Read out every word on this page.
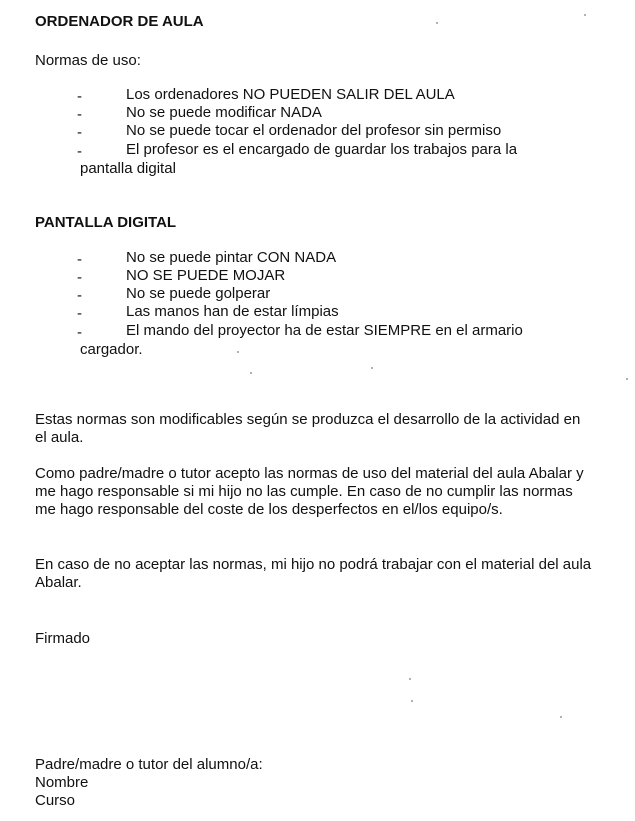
ORDENADOR DE AULA
Normas de uso:
-	Los ordenadores NO PUEDEN SALIR DEL AULA
-	No se puede modificar NADA
-	No se puede tocar el ordenador del profesor sin permiso
-	El profesor es el encargado de guardar los trabajos para la
pantalla digital
PANTALLA DIGITAL
-	No se puede pintar CON NADA
-	NO SE PUEDE MOJAR
-	No se puede golperar
-	Las manos han de estar límpias
-	El mando del proyector ha de estar SIEMPRE en el armario
cargador.
Estas normas son modificables según se produzca el desarrollo de la actividad en el aula.
Como padre/madre o tutor acepto las normas de uso del material del aula Abalar y me hago responsable si mi hijo no las cumple. En caso de no cumplir las normas me hago responsable del coste de los desperfectos en el/los equipo/s.
En caso de no aceptar las normas, mi hijo no podrá trabajar con el material del aula Abalar.
Firmado
Padre/madre o tutor del alumno/a:
Nombre
Curso
